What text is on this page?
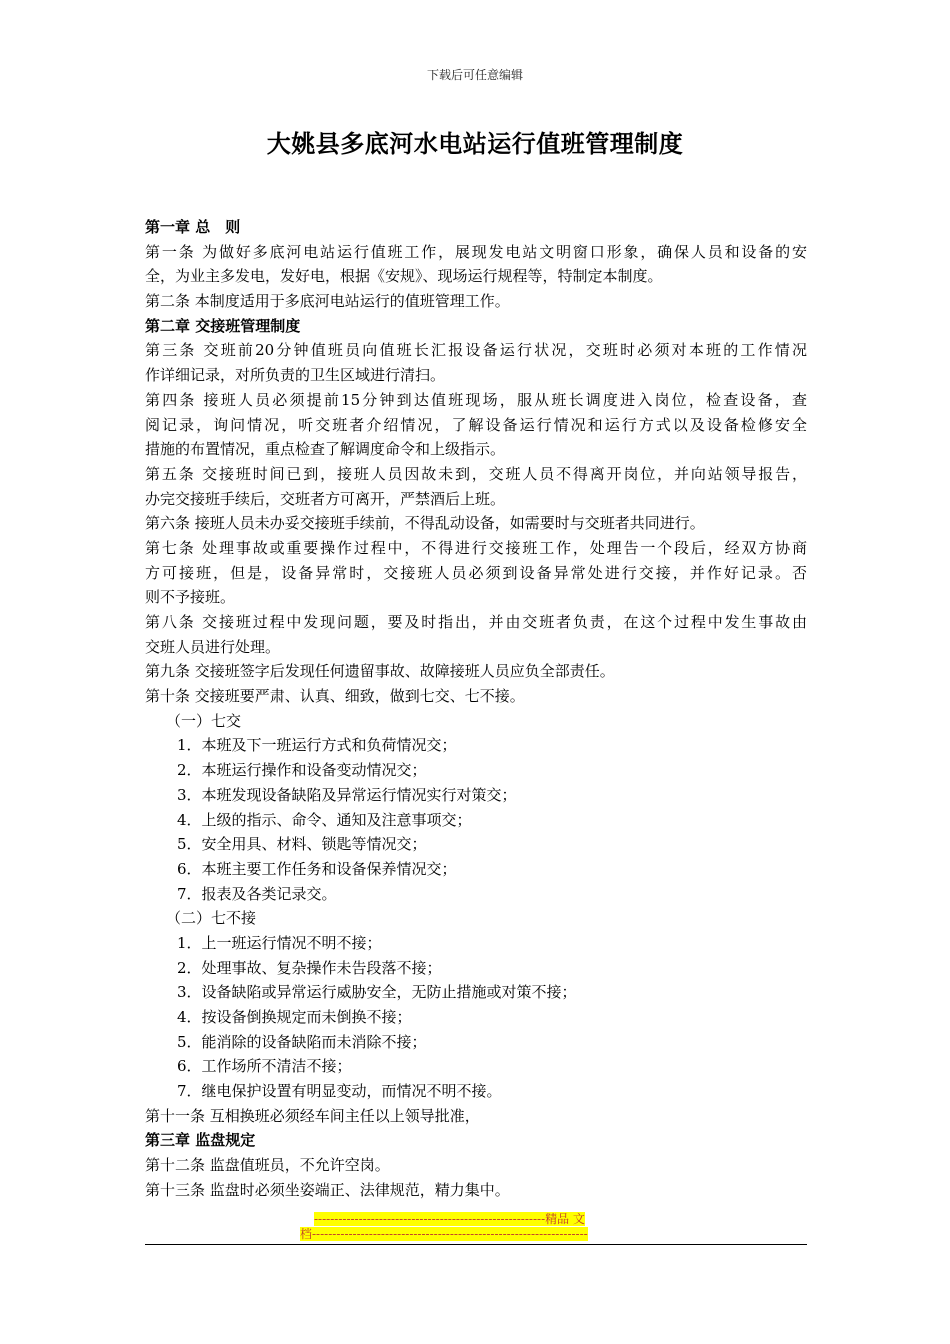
下载后可任意编辑
大姚县多底河水电站运行值班管理制度
第一章 总　则
第一条 为做好多底河电站运行值班工作，展现发电站文明窗口形象，确保人员和设备的安
全，为业主多发电，发好电，根据《安规》、现场运行规程等，特制定本制度。
第二条 本制度适用于多底河电站运行的值班管理工作。
第二章 交接班管理制度
第三条 交班前20分钟值班员向值班长汇报设备运行状况，交班时必须对本班的工作情况
作详细记录，对所负责的卫生区域进行清扫。
第四条 接班人员必须提前15分钟到达值班现场，服从班长调度进入岗位，检查设备，查
阅记录，询问情况，听交班者介绍情况，了解设备运行情况和运行方式以及设备检修安全
措施的布置情况，重点检查了解调度命令和上级指示。
第五条 交接班时间已到，接班人员因故未到，交班人员不得离开岗位，并向站领导报告，
办完交接班手续后，交班者方可离开，严禁酒后上班。
第六条 接班人员未办妥交接班手续前，不得乱动设备，如需要时与交班者共同进行。
第七条 处理事故或重要操作过程中，不得进行交接班工作，处理告一个段后，经双方协商
方可接班，但是，设备异常时，交接班人员必须到设备异常处进行交接，并作好记录。否
则不予接班。
第八条 交接班过程中发现问题，要及时指出，并由交班者负责，在这个过程中发生事故由
交班人员进行处理。
第九条 交接班签字后发现任何遗留事故、故障接班人员应负全部责任。
第十条 交接班要严肃、认真、细致，做到七交、七不接。
（一）七交
1．本班及下一班运行方式和负荷情况交；
2．本班运行操作和设备变动情况交；
3．本班发现设备缺陷及异常运行情况实行对策交；
4．上级的指示、命令、通知及注意事项交；
5．安全用具、材料、锁匙等情况交；
6．本班主要工作任务和设备保养情况交；
7．报表及各类记录交。
（二）七不接
1．上一班运行情况不明不接；
2．处理事故、复杂操作未告段落不接；
3．设备缺陷或异常运行威胁安全，无防止措施或对策不接；
4．按设备倒换规定而未倒换不接；
5．能消除的设备缺陷而未消除不接；
6．工作场所不清洁不接；
7．继电保护设置有明显变动，而情况不明不接。
第十一条 互相换班必须经车间主任以上领导批准，
第三章 监盘规定
第十二条 监盘值班员，不允许空岗。
第十三条 监盘时必须坐姿端正、法律规范，精力集中。
---------------------------------------------------------精品 文
档--------------------------------------------------------------------
